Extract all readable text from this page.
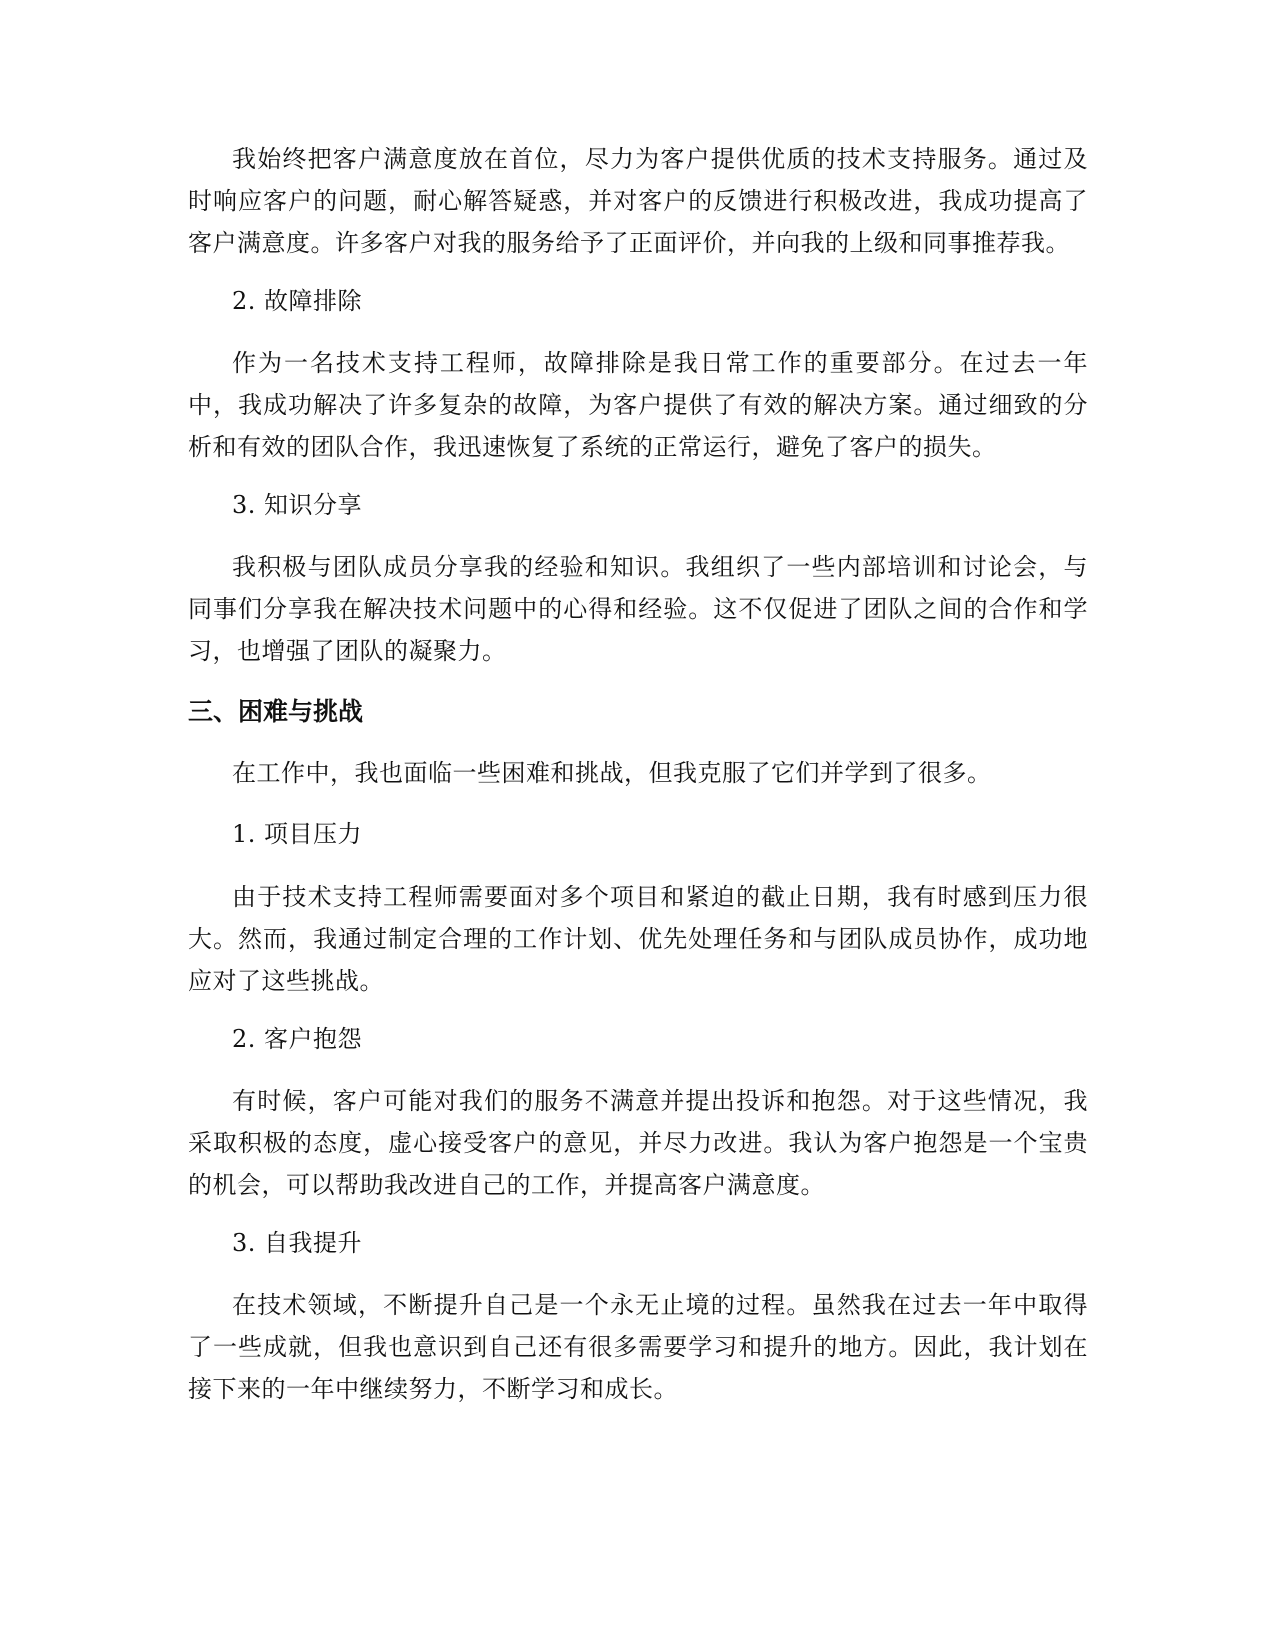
我始终把客户满意度放在首位，尽力为客户提供优质的技术支持服务。通过及时响应客户的问题，耐心解答疑惑，并对客户的反馈进行积极改进，我成功提高了客户满意度。许多客户对我的服务给予了正面评价，并向我的上级和同事推荐我。
2. 故障排除
作为一名技术支持工程师，故障排除是我日常工作的重要部分。在过去一年中，我成功解决了许多复杂的故障，为客户提供了有效的解决方案。通过细致的分析和有效的团队合作，我迅速恢复了系统的正常运行，避免了客户的损失。
3. 知识分享
我积极与团队成员分享我的经验和知识。我组织了一些内部培训和讨论会，与同事们分享我在解决技术问题中的心得和经验。这不仅促进了团队之间的合作和学习，也增强了团队的凝聚力。
三、困难与挑战
在工作中，我也面临一些困难和挑战，但我克服了它们并学到了很多。
1. 项目压力
由于技术支持工程师需要面对多个项目和紧迫的截止日期，我有时感到压力很大。然而，我通过制定合理的工作计划、优先处理任务和与团队成员协作，成功地应对了这些挑战。
2. 客户抱怨
有时候，客户可能对我们的服务不满意并提出投诉和抱怨。对于这些情况，我采取积极的态度，虚心接受客户的意见，并尽力改进。我认为客户抱怨是一个宝贵的机会，可以帮助我改进自己的工作，并提高客户满意度。
3. 自我提升
在技术领域，不断提升自己是一个永无止境的过程。虽然我在过去一年中取得了一些成就，但我也意识到自己还有很多需要学习和提升的地方。因此，我计划在接下来的一年中继续努力，不断学习和成长。
